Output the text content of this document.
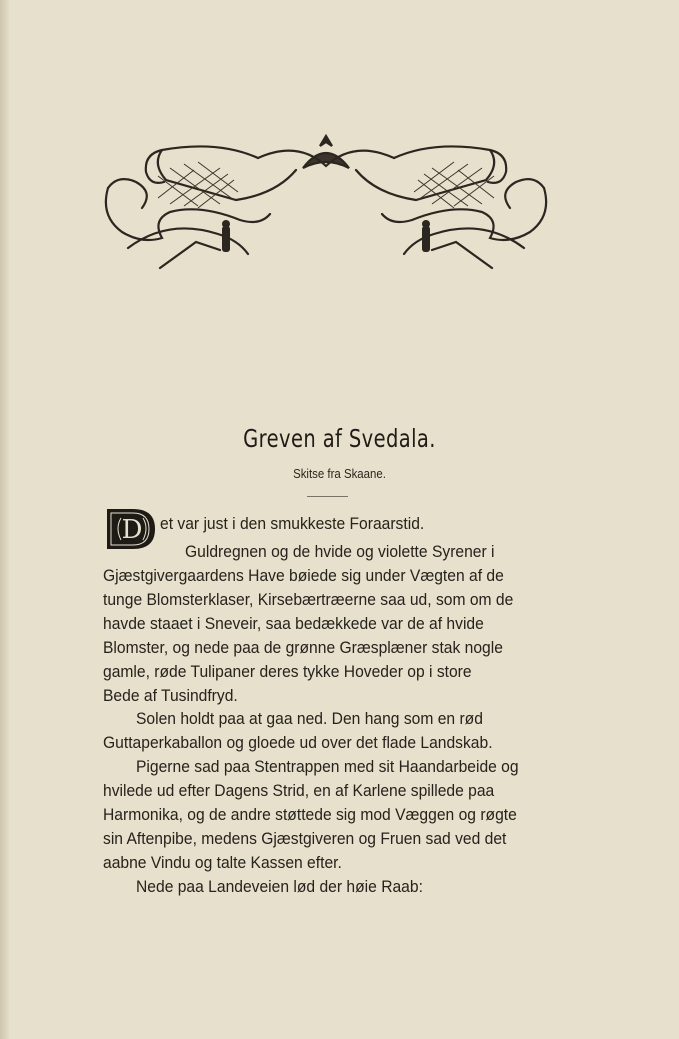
Greven af Svedala.
Skitse fra Skaane.
D et var just i den smukkeste Foraarstid.
Guldregnen og de hvide og violette Syrener i
Gjæstgivergaardens Have bøiede sig under Vægten af de
tunge Blomsterklaser, Kirsebærtræerne saa ud, som om de
havde staaet i Sneveir, saa bedækkede var de af hvide
Blomster, og nede paa de grønne Græsplæner stak nogle
gamle, røde Tulipaner deres tykke Hoveder op i store
Bede af Tusindfryd.
Solen holdt paa at gaa ned. Den hang som en rød
Guttaperkaballon og gloede ud over det flade Landskab.
Pigerne sad paa Stentrappen med sit Haandarbeide og
hvilede ud efter Dagens Strid, en af Karlene spillede paa
Harmonika, og de andre støttede sig mod Væggen og røgte
sin Aftenpibe, medens Gjæstgiveren og Fruen sad ved det
aabne Vindu og talte Kassen efter.
Nede paa Landeveien lød der høie Raab:
